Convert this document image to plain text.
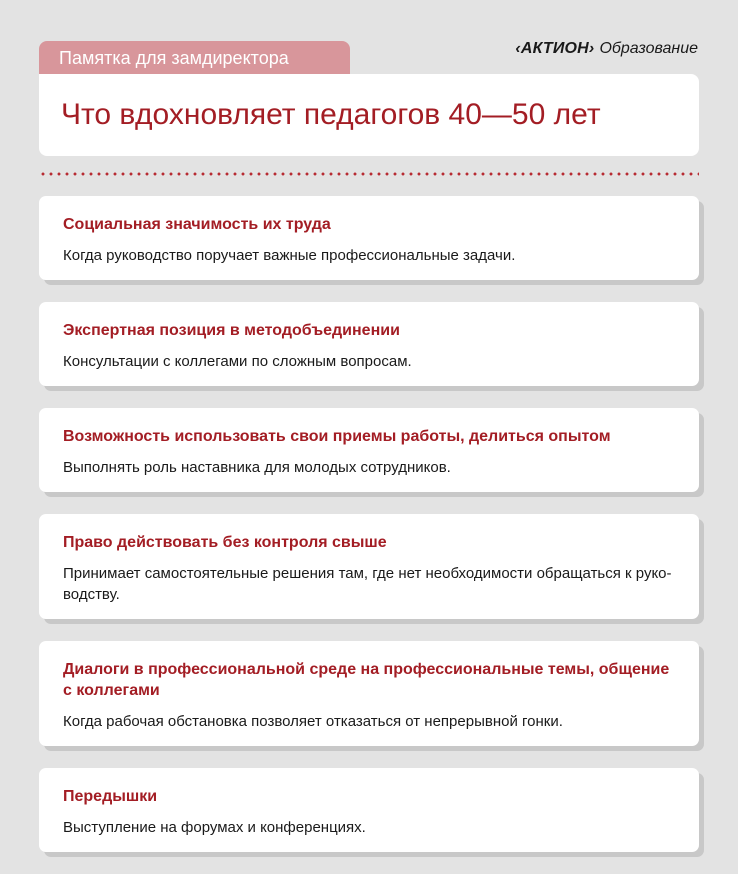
Памятка для замдиректора	‹АКТИОН› Образование
Что вдохновляет педагогов 40—50 лет
Социальная значимость их труда
Когда руководство поручает важные профессиональные задачи.
Экспертная позиция в методобъединении
Консультации с коллегами по сложным вопросам.
Возможность использовать свои приемы работы, делиться опытом
Выполнять роль наставника для молодых сотрудников.
Право действовать без контроля свыше
Принимает самостоятельные решения там, где нет необходимости обращаться к руководству.
Диалоги в профессиональной среде на профессиональные темы, общение с коллегами
Когда рабочая обстановка позволяет отказаться от непрерывной гонки.
Передышки
Выступление на форумах и конференциях.
